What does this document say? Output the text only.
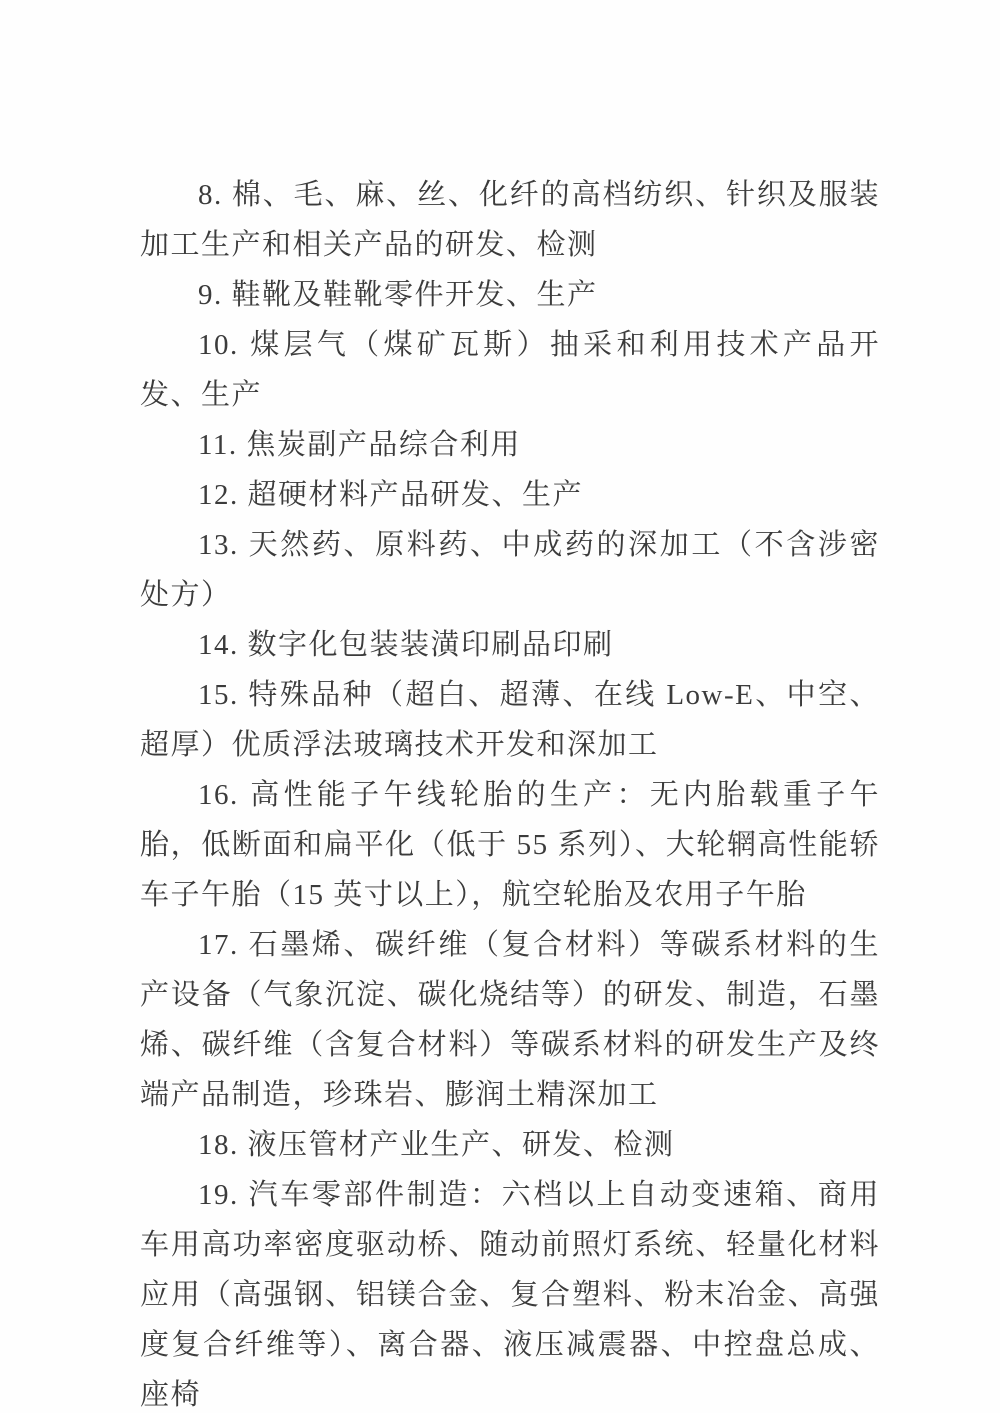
8. 棉、毛、麻、丝、化纤的高档纺织、针织及服装加工生产和相关产品的研发、检测

9. 鞋靴及鞋靴零件开发、生产

10. 煤层气（煤矿瓦斯）抽采和利用技术产品开发、生产

11. 焦炭副产品综合利用

12. 超硬材料产品研发、生产

13. 天然药、原料药、中成药的深加工（不含涉密处方）

14. 数字化包装装潢印刷品印刷

15. 特殊品种（超白、超薄、在线 Low-E、中空、超厚）优质浮法玻璃技术开发和深加工

16. 高性能子午线轮胎的生产：无内胎载重子午胎，低断面和扁平化（低于 55 系列）、大轮辋高性能轿车子午胎（15 英寸以上），航空轮胎及农用子午胎

17. 石墨烯、碳纤维（复合材料）等碳系材料的生产设备（气象沉淀、碳化烧结等）的研发、制造，石墨烯、碳纤维（含复合材料）等碳系材料的研发生产及终端产品制造，珍珠岩、膨润土精深加工

18. 液压管材产业生产、研发、检测

19. 汽车零部件制造：六档以上自动变速箱、商用车用高功率密度驱动桥、随动前照灯系统、轻量化材料应用（高强钢、铝镁合金、复合塑料、粉末冶金、高强度复合纤维等）、离合器、液压减震器、中控盘总成、座椅
